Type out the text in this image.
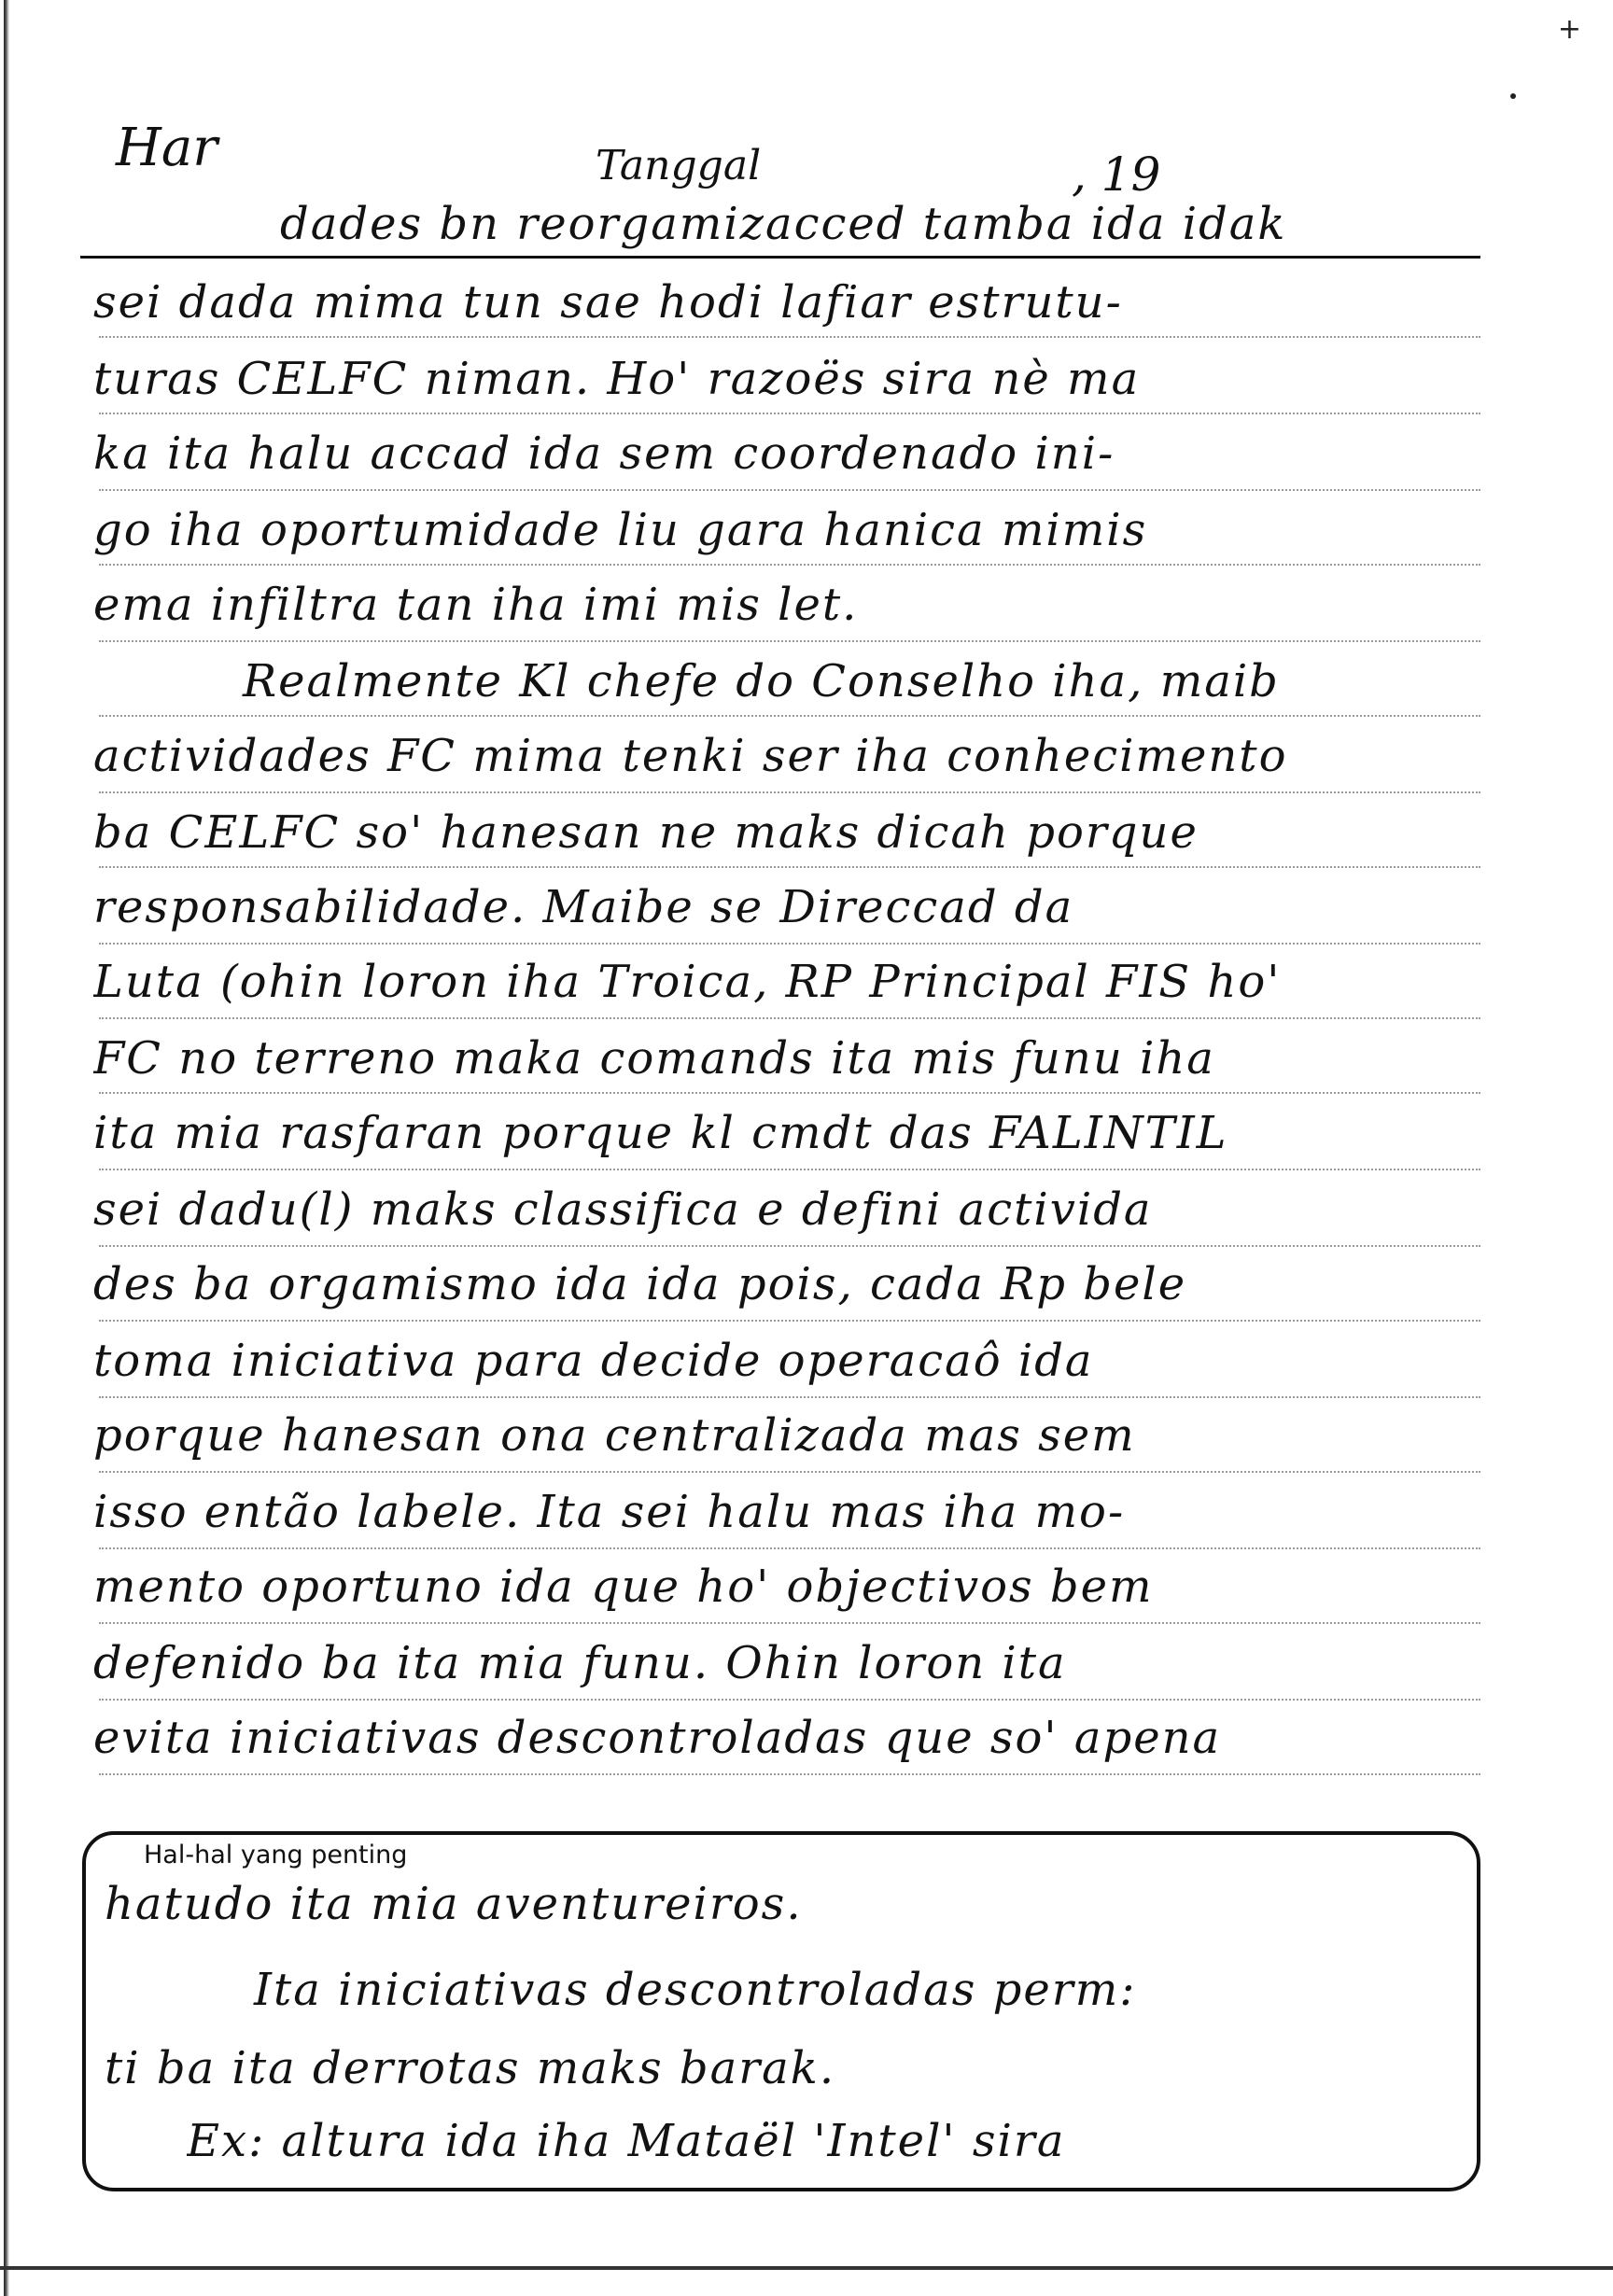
+
Har	Tanggal	, 19
dades bn reorgamizacced tamba ida idak
sei dada mima tun sae hodi lafiar estrutu-
turas CELFC niman. Ho' razoës sira nè ma
ka ita halu accad ida sem coordenado ini-
go iha oportumidade liu gara hanica mimis
ema infiltra tan iha imi mis let.
Realmente Kl chefe do Conselho iha, maib
actividades FC mima tenki ser iha conhecimento
ba CELFC so' hanesan ne maks dicah porque
responsabilidade. Maibe se Direccad da
Luta (ohin loron iha Troica, RP Principal FIS ho'
FC no terreno maka comands ita mis funu iha
ita mia rasfaran porque kl cmdt das FALINTIL
sei dadu(l) maks classifica e defini activida
des ba orgamismo ida ida pois, cada Rp bele
toma iniciativa para decide operacaô ida
porque hanesan ona centralizada mas sem
isso então labele. Ita sei halu mas iha mo-
mento oportuno ida que ho' objectivos bem
defenido ba ita mia funu. Ohin loron ita
evita iniciativas descontroladas que so' apena
Hal-hal yang penting
hatudo ita mia aventureiros.
Ita iniciativas descontroladas perm:
ti ba ita derrotas maks barak.
Ex: altura ida iha Mataël 'Intel' sira
